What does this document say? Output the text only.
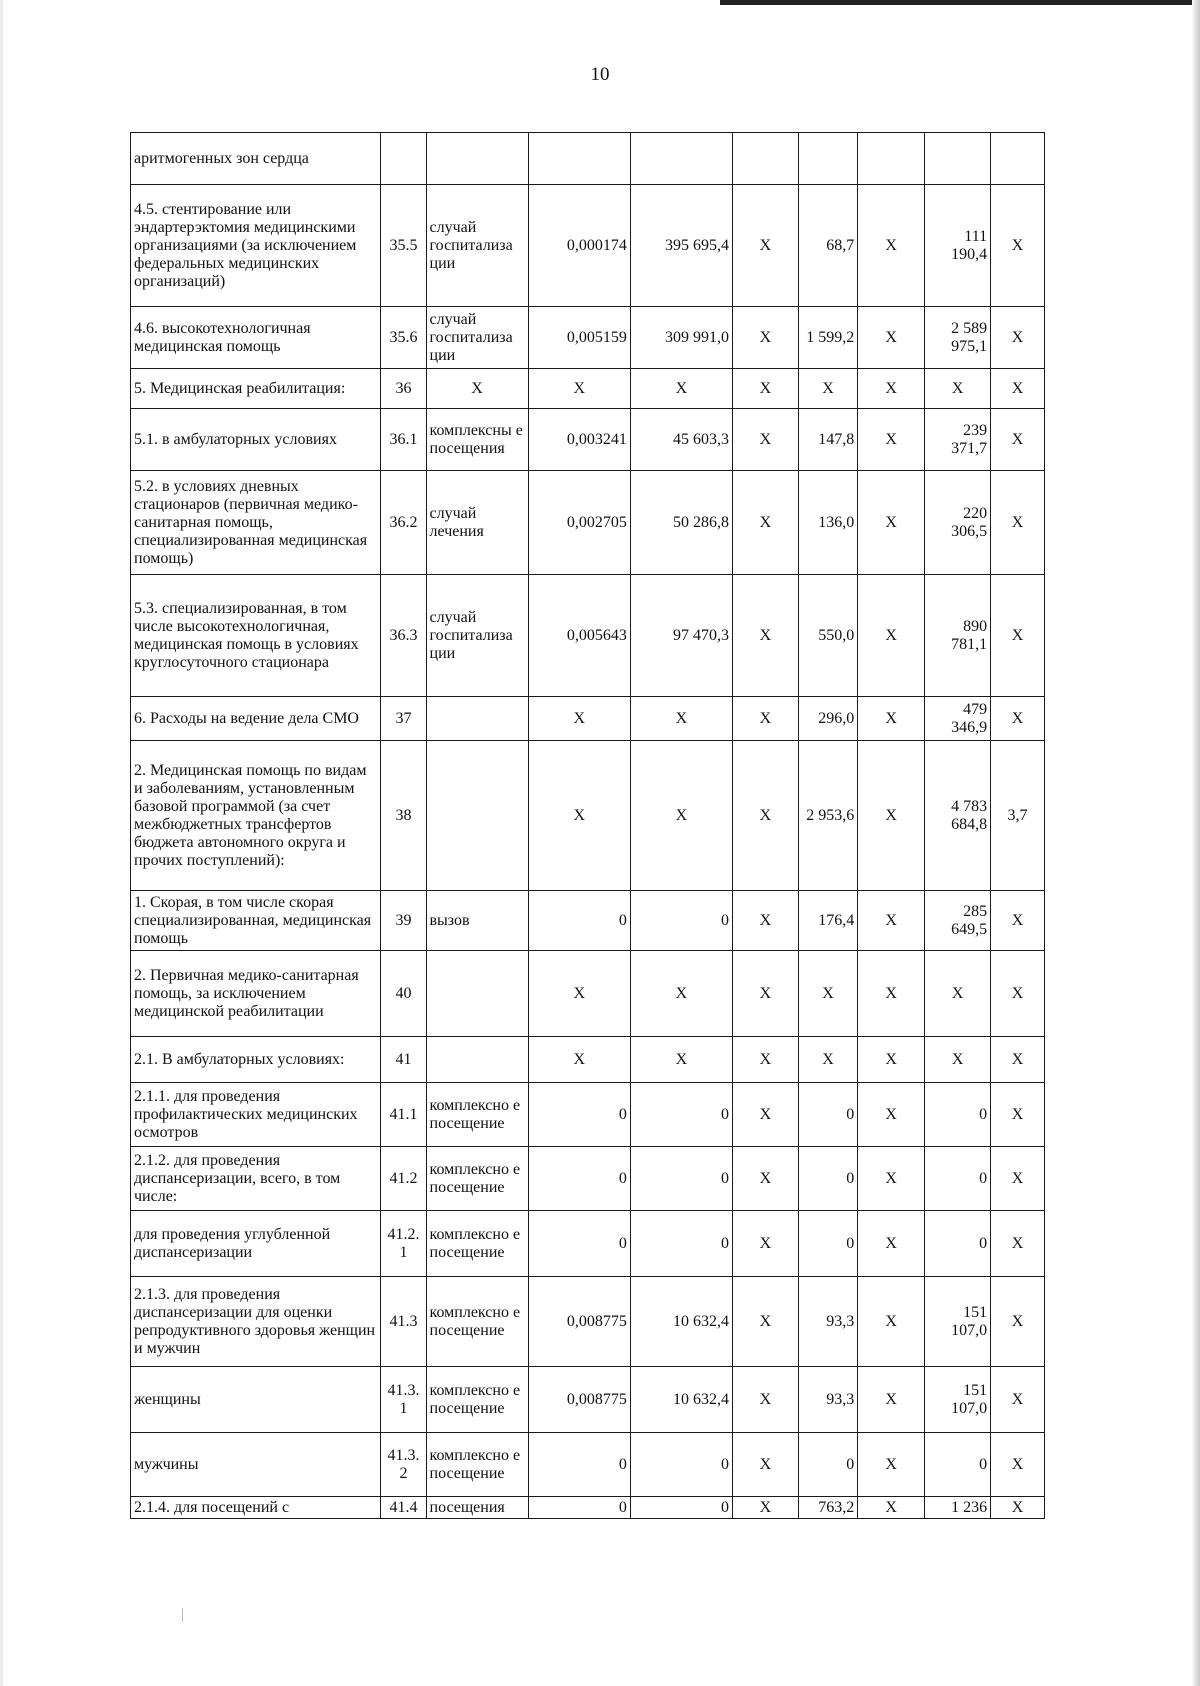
10
аритмогенных зон сердца									
4.5. стентирование или эндартерэктомия медицинскими организациями (за исключением федеральных медицинских организаций)	35.5	случай госпитализа ции	0,000174	395 695,4	X	68,7	X	111 190,4	X
4.6. высокотехнологичная медицинская помощь	35.6	случай госпитализа ции	0,005159	309 991,0	X	1 599,2	X	2 589 975,1	X
5. Медицинская реабилитация:	36	X	X	X	X	X	X	X	X
5.1. в амбулаторных условиях	36.1	комплексны е посещения	0,003241	45 603,3	X	147,8	X	239 371,7	X
5.2. в условиях дневных стационаров (первичная медико-санитарная помощь, специализированная медицинская помощь)	36.2	случай лечения	0,002705	50 286,8	X	136,0	X	220 306,5	X
5.3. специализированная, в том числе высокотехнологичная, медицинская помощь в условиях круглосуточного стационара	36.3	случай госпитализа ции	0,005643	97 470,3	X	550,0	X	890 781,1	X
6. Расходы на ведение дела СМО	37		X	X	X	296,0	X	479 346,9	X
2. Медицинская помощь по видам и заболеваниям, установленным базовой программой (за счет межбюджетных трансфертов бюджета автономного округа и прочих поступлений):	38		X	X	X	2 953,6	X	4 783 684,8	3,7
1. Скорая, в том числе скорая специализированная, медицинская помощь	39	вызов	0	0	X	176,4	X	285 649,5	X
2. Первичная медико-санитарная помощь, за исключением медицинской реабилитации	40		X	X	X	X	X	X	X
2.1. В амбулаторных условиях:	41		X	X	X	X	X	X	X
2.1.1. для проведения профилактических медицинских осмотров	41.1	комплексно е посещение	0	0	X	0	X	0	X
2.1.2. для проведения диспансеризации, всего, в том числе:	41.2	комплексно е посещение	0	0	X	0	X	0	X
для проведения углубленной диспансеризации	41.2.1	комплексно е посещение	0	0	X	0	X	0	X
2.1.3. для проведения диспансеризации для оценки репродуктивного здоровья женщин и мужчин	41.3	комплексно е посещение	0,008775	10 632,4	X	93,3	X	151 107,0	X
женщины	41.3.1	комплексно е посещение	0,008775	10 632,4	X	93,3	X	151 107,0	X
мужчины	41.3.2	комплексно е посещение	0	0	X	0	X	0	X
2.1.4. для посещений с	41.4	посещения	0	0	X	763,2	X	1 236	X
